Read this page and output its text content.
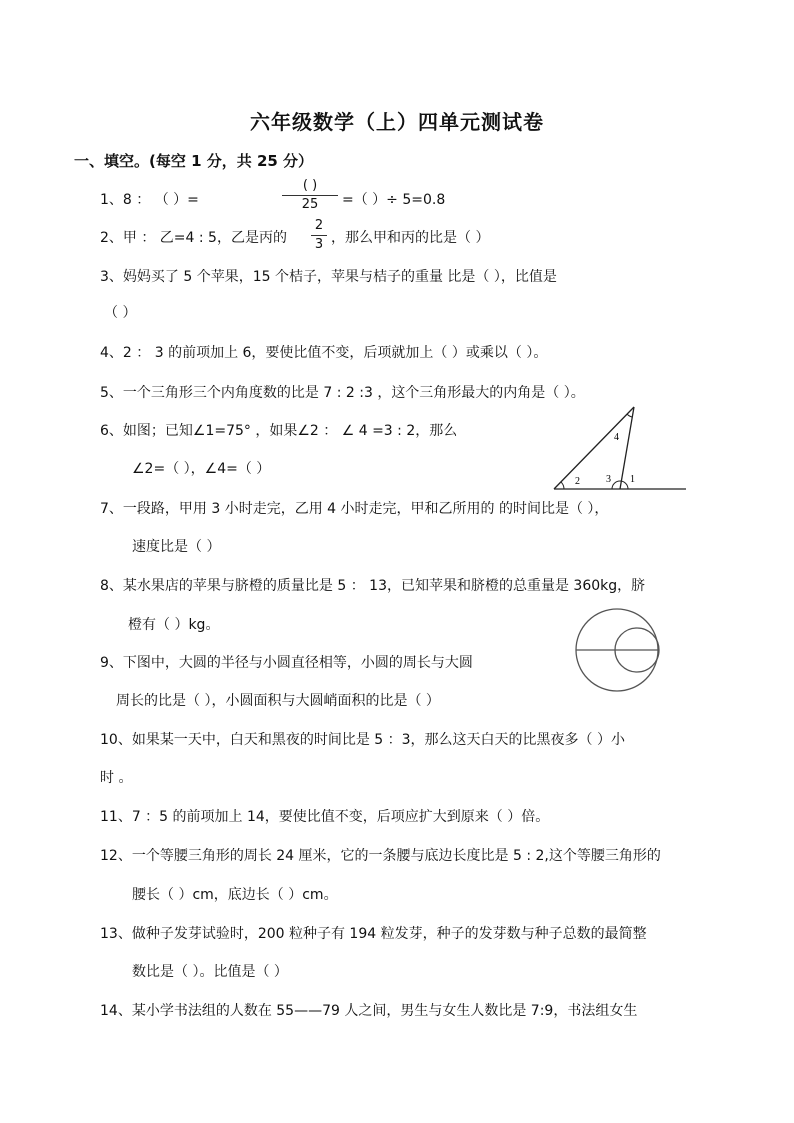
六年级数学（上）四单元测试卷
一、填空。(每空 1 分，共 25 分）
1、8 ： （ ）=
( )
25	=（ ）÷ 5=0.8
2、甲 ： 乙=4 : 5，乙是丙的
2
3 ，那么甲和丙的比是（ ）
3、妈妈买了 5 个苹果，15 个桔子，苹果与桔子的重量 比是（ ），比值是
（ ）
4、2 ： 3 的前项加上 6，要使比值不变，后项就加上（ ）或乘以（ ）。
5、一个三角形三个内角度数的比是 7 : 2 :3 ，这个三角形最大的内角是（ ）。
6、如图；已知∠1=75° ，如果∠2 ： ∠ 4 =3 : 2，那么
∠2=（ ），∠4=（ ）
4
2	3 1
7、一段路，甲用 3 小时走完，乙用 4 小时走完，甲和乙所用的 的时间比是（ ），
速度比是（ ）
8、某水果店的苹果与脐橙的质量比是 5 ： 13，已知苹果和脐橙的总重量是 360kg，脐
橙有（ ）kg。
9、下图中，大圆的半径与小圆直径相等，小圆的周长与大圆
周长的比是（ ），小圆面积与大圆峭面积的比是（ ）
10、如果某一天中，白天和黑夜的时间比是 5 ：3，那么这天白天的比黑夜多（ ）小
时 。
11、7 ：5 的前项加上 14，要使比值不变，后项应扩大到原来（ ）倍。
12、一个等腰三角形的周长 24 厘米，它的一条腰与底边长度比是 5 : 2,这个等腰三角形的
腰长（ ）cm，底边长（ ）cm。
13、做种子发芽试验时，200 粒种子有 194 粒发芽，种子的发芽数与种子总数的最简整
数比是（ ）。比值是（ ）
14、某小学书法组的人数在 55——79 人之间，男生与女生人数比是 7:9，书法组女生
